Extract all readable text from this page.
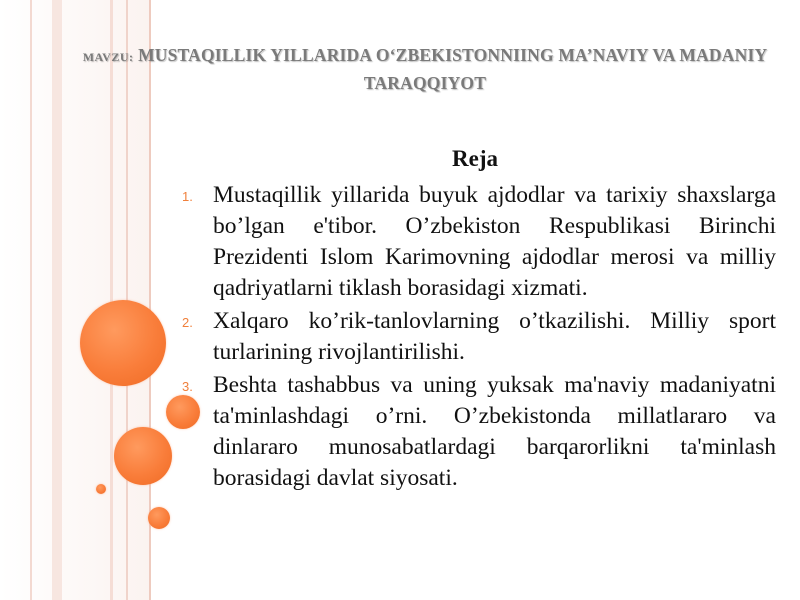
MAVZU: MUSTAQILLIK YILLARIDA O‘ZBEKISTONNIING MA’NAVIY VA MADANIY TARAQQIYOT
Reja
1. Mustaqillik yillarida buyuk ajdodlar va tarixiy shaxslarga bo’lgan e'tibor. O’zbekiston Respublikasi Birinchi Prezidenti Islom Karimovning ajdodlar merosi va milliy qadriyatlarni tiklash borasidagi xizmati.
2. Xalqaro ko’rik-tanlovlarning o’tkazilishi. Milliy sport turlarining rivojlantirilishi.
3. Beshta tashabbus va uning yuksak ma'naviy madaniyatni ta'minlashdagi o’rni. O’zbekistonda millatlararo va dinlararo munosabatlardagi barqarorlikni ta'minlash borasidagi davlat siyosati.
